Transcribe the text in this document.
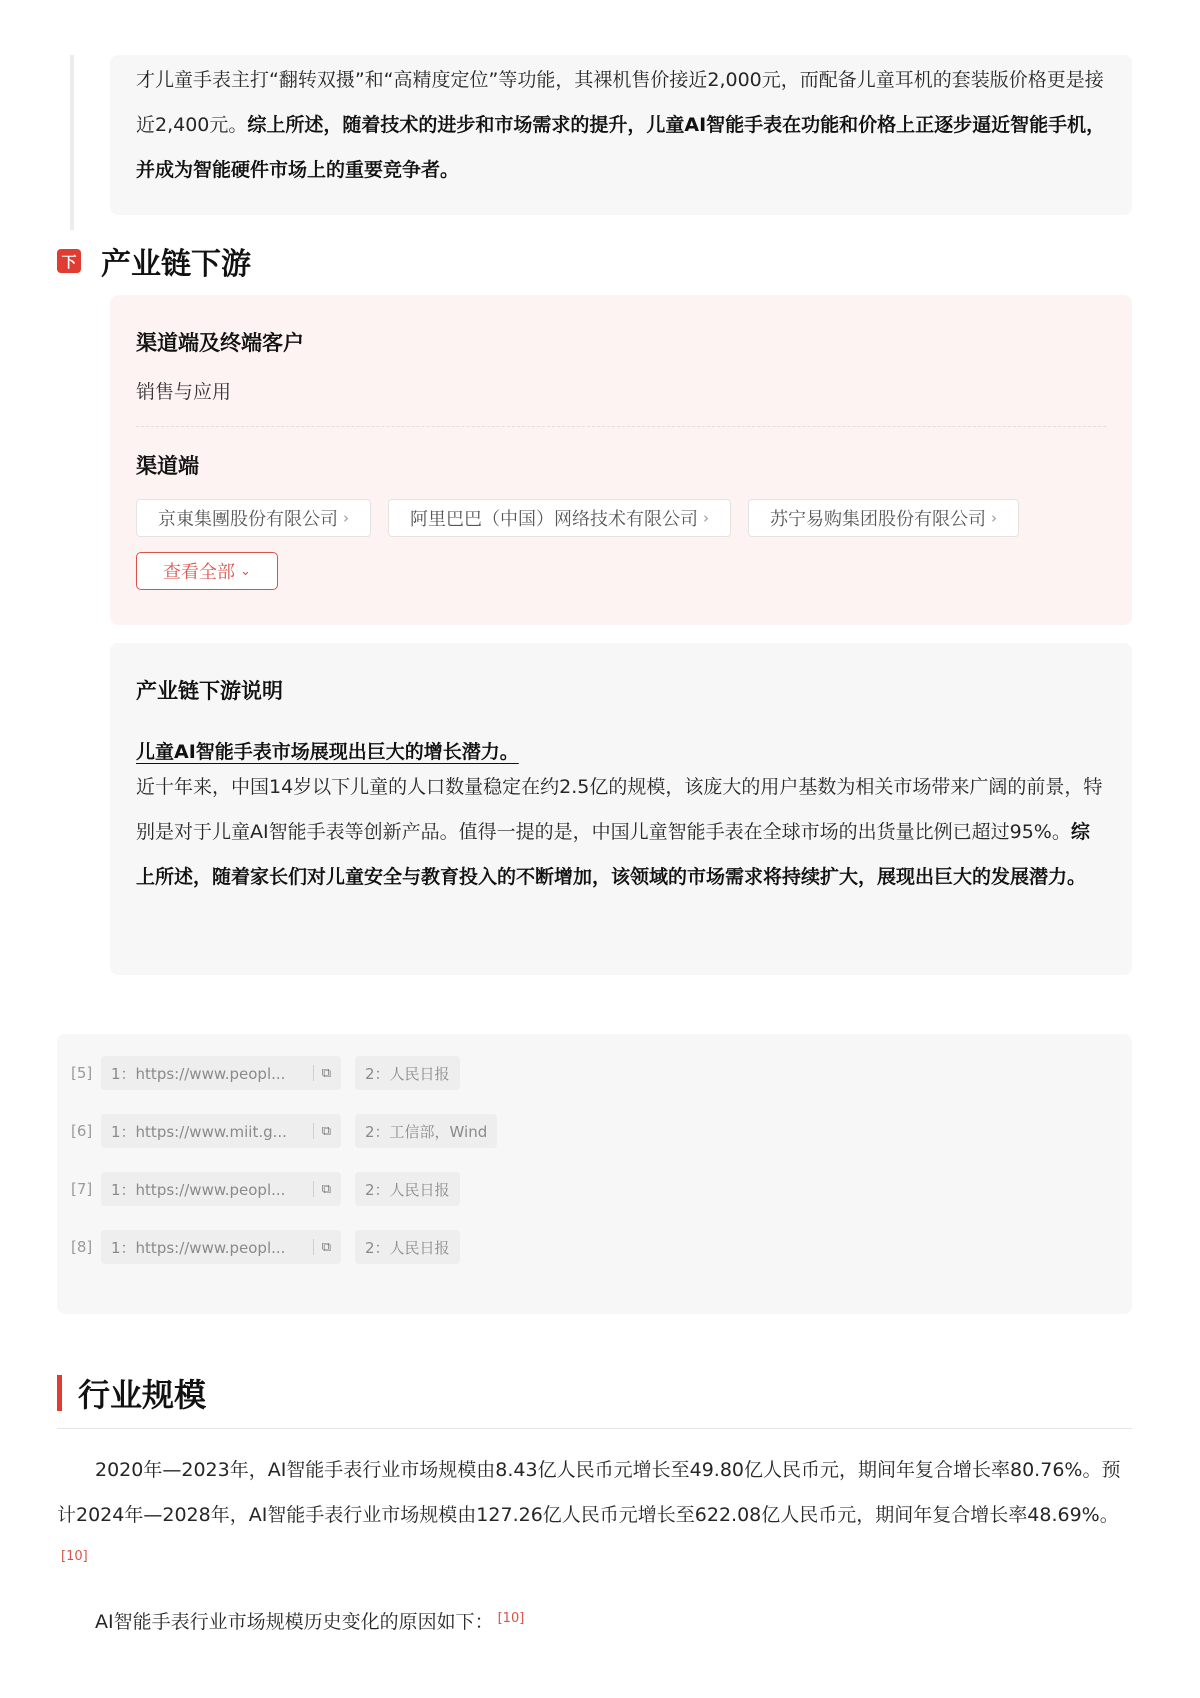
才儿童手表主打“翻转双摄”和“高精度定位”等功能，其裸机售价接近2,000元，而配备儿童耳机的套装版价格更是接近2,400元。综上所述，随着技术的进步和市场需求的提升，儿童AI智能手表在功能和价格上正逐步逼近智能手机，并成为智能硬件市场上的重要竞争者。

下 产业链下游
渠道端及终端客户
销售与应用
渠道端
京東集團股份有限公司 ›	阿里巴巴（中国）网络技术有限公司 ›	苏宁易购集团股份有限公司 ›
查看全部 ⌄
产业链下游说明
儿童AI智能手表市场展现出巨大的增长潜力。

近十年来，中国14岁以下儿童的人口数量稳定在约2.5亿的规模，该庞大的用户基数为相关市场带来广阔的前景，特别是对于儿童AI智能手表等创新产品。值得一提的是，中国儿童智能手表在全球市场的出货量比例已超过95%。综上所述，随着家长们对儿童安全与教育投入的不断增加，该领域的市场需求将持续扩大，展现出巨大的发展潜力。

[5]	1：https://www.peopl...	⧉	2：人民日报
[6]	1：https://www.miit.g...	⧉	2：工信部，Wind
[7]	1：https://www.peopl...	⧉	2：人民日报
[8]	1：https://www.peopl...	⧉	2：人民日报
行业规模

2020年—2023年，AI智能手表行业市场规模由8.43亿人民币元增长至49.80亿人民币元，期间年复合增长率80.76%。预计2024年—2028年，AI智能手表行业市场规模由127.26亿人民币元增长至622.08亿人民币元，期间年复合增长率48.69%。[10]

AI智能手表行业市场规模历史变化的原因如下： [10]
